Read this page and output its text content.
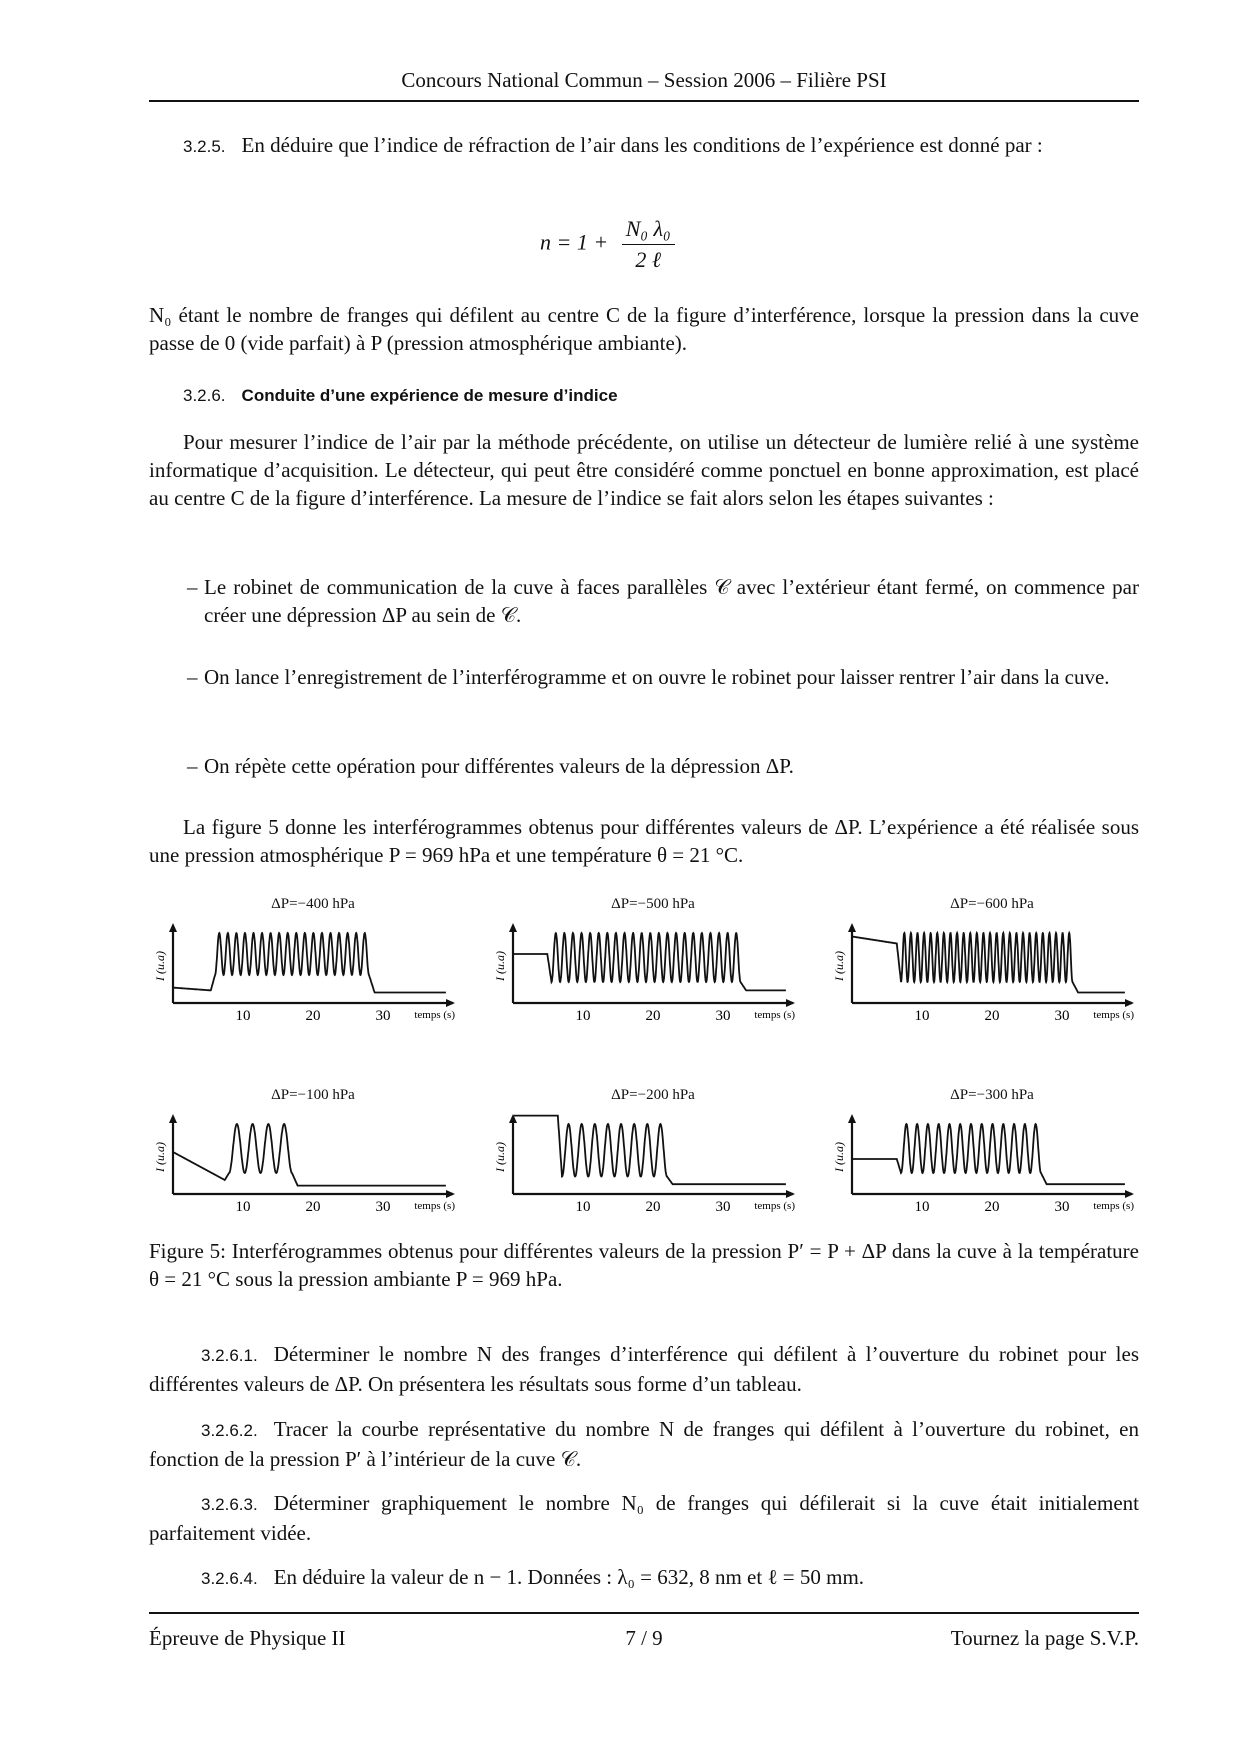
Concours National Commun – Session 2006 – Filière PSI
3.2.5. En déduire que l’indice de réfraction de l’air dans les conditions de l’expérience est donné par :
$n = 1 + \frac{\text{N₀ λ₀}}{\text{2 ℓ}}$
N₀ étant le nombre de franges qui défilent au centre C de la figure d’interférence, lorsque la pression dans la cuve passe de 0 (vide parfait) à P (pression atmosphérique ambiante).
3.2.6. Conduite d’une expérience de mesure d’indice
Pour mesurer l’indice de l’air par la méthode précédente, on utilise un détecteur de lumière relié à une système informatique d’acquisition. Le détecteur, qui peut être considéré comme ponctuel en bonne approximation, est placé au centre C de la figure d’interférence. La mesure de l’indice se fait alors selon les étapes suivantes :
– Le robinet de communication de la cuve à faces parallèles 𝒞 avec l’extérieur étant fermé, on commence par créer une dépression ΔP au sein de 𝒞.
– On lance l’enregistrement de l’interférogramme et on ouvre le robinet pour laisser rentrer l’air dans la cuve.
– On répète cette opération pour différentes valeurs de la dépression ΔP.
La figure 5 donne les interférogrammes obtenus pour différentes valeurs de ΔP. L’expérience a été réalisée sous une pression atmosphérique P = 969 hPa et une température θ = 21 °C.
ΔP=−400 hPa
10	20	30 temps (s)
I (u.a)
ΔP=−500 hPa
10	20	30 temps (s)
I (u.a)
ΔP=−600 hPa
10	20	30 temps (s)
I (u.a)
ΔP=−100 hPa
10	20	30 temps (s)
I (u.a)
ΔP=−200 hPa
10	20	30 temps (s)
I (u.a)
ΔP=−300 hPa
10	20	30 temps (s)
I (u.a)
Figure 5: Interférogrammes obtenus pour différentes valeurs de la pression P′ = P + ΔP dans la cuve à la température θ = 21 °C sous la pression ambiante P = 969 hPa.
3.2.6.1. Déterminer le nombre N des franges d’interférence qui défilent à l’ouverture du robinet pour les différentes valeurs de ΔP. On présentera les résultats sous forme d’un tableau.
3.2.6.2. Tracer la courbe représentative du nombre N de franges qui défilent à l’ouverture du robinet, en fonction de la pression P′ à l’intérieur de la cuve 𝒞.
3.2.6.3. Déterminer graphiquement le nombre N₀ de franges qui défilerait si la cuve était initialement parfaitement vidée.
3.2.6.4. En déduire la valeur de n − 1. Données : λ₀ = 632, 8 nm et ℓ = 50 mm.
Épreuve de Physique II	7 / 9	Tournez la page S.V.P.
